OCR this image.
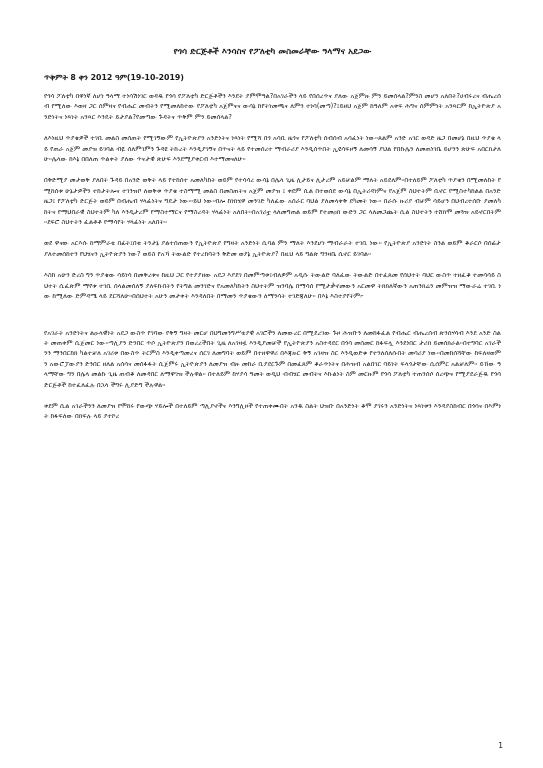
የጎሳ ድርጅቶች እንሳስና የፖለቲካ መስመራቸው ዓላማና አደጋው
ጥቅምት 8 ቀን 2012 ዓም(19-10-2019)

የጎሳ ፖለቲካ በዋነኛ ለሆነ ዓላማ ተነሳሽነገር ወዳዱ የጎሳ የፖለቲካ ድርጅቶችን እንደት ያምሞዓል?በአገራችን ላይ የበሰረጥና ያለው አጀምዙ ምን ይመሰላል?ምንስ መሆን አለበት?ሀብሩረና ብሔረሰብ የሚለው እወዛ ጋር ሰምዛና የብሔር መብትን የሚመለከተው የፖለቲካ አጀምናና ውሳኔ ከየትነመጫና ለምን ተነሳ(መጣ)?፤ይዘህ አጀም ከዓለም አቀፍ ሕግና ሰምምነት አንጻርም ከኢትዮጵያ አንድነትና ነጻነት አንጻር እንዴት ይታያል?የመጣው ጉዳትና ጥቅም ምን ይመሰላል?

ለእነዚህ ጥያቄዎች ተገቢ መልስ መሰጠት የሚገኝውም የኢትዮጵያን አንድነትና ነጻነት የሚሻ በጎ አሳቢ ዜጎና የፖለቲካ ሰብሰብ አሳፈነት ነው።ጸልም አንድ አገር ወዳድ ዜጋ በመሆኔ በዚህ ጥያቄ ላይ የጠራ አጀም መያዝ ይገባል ብዬ ሰለምገምን ጉዳዩ ትኩረት እንዲያገኝና በጥናት ላይ የተመሰረተ ማብራሪያ እንዲሰጥበት ኢዩሳፍዞኝ ለመሳኝ ያህል የበኩሌን ለመጠነገቤ ይሆንን ጽሁፍ አበርክታለሁ።ሌላው ከእኔ በበለጠ ጥልቀት ያለው ጥናታዊ ጽሁፍ እንደሚያቀርብ እተማመናለሁ።

በቅድሚያ መታወቅ ያለበት ጉዳይ በአንድ ወቅት ላይ የተከሰተ አመለካከት ወይም የተሳሳረ ውሳኔ በሌላ ጊዜ ሊታይና ሊታረም አይቻልም ማለት አይደለም።በተለይም ፖለቲካ ጥያቄን በሚመለከት የሚከሰቱ ሁኔታዎችን ተከታትሎና ተገንዝቦ ለወቅቱ ጥያቄ ተስማሚ መልስ በመስጠትና አጀም መያዝ ፤ ቀደም ሲል በተወሰደ ውሳኔ በኢትሪዳነምና የአጀም ስህተትም ቢኖር የሚስተካከልል በአንድ ዜጋ፤ የፖለቲካ ድርጅት ወይም በብሔብ ሃላፊነትና ግዴታ ነው።፡ይህ ነው፡ብሎ ከነክሄዋ መንገድ ካለፈው አሰራር ባህል ያለመላቀቅ ደካመት ነው። በራሱ ዙሪያ ብቻም ሳይሆን በህብረተሰቡ ያመለካከትና የማህበራዊ ስህተትም ካለ እንዲታረም የማስተማርና የማስረዳት ሃላፊነት አለበት።በአገሪቷ ላለመግጠል ወይም የተመዐክ ውድን ጋር ላለመጋጨት ሲል ስህተትን ተሸክሞ መጓዝ አይኖርበትም።ደፍሮ ስህተትን ፈልቶቶ የማሳየት ሃላፊነት አለበት።

ወደ ዋናው አርእሱ ከማምራቴ በፊት፤በቂ ትንታኔ ያልተሰጠውን የኢትዮጵያ የግዛት አንድነት ሲባል ምን ማለት እንደሆነ ማብራራት ተገቢ ነው። የኢትዮጵያ አንድነት ስንል ወይም ቆራርሶ በሰፊታ ያለተመሰከተን የህሄናን ኢትዮጵያን ነው? ወይስ የአኻ ትውልድ የተረከባትን ቅድመ ወያኔ ኢትዮጵያ? በዚህ ላይ ግልጽ ግንዛቤ ሲኖር ይገባል።

እስከ አሁን ድረስ ግን ጥያቄው ሳይነሳ በመቅረቱና ከዚህ ጋር የተያያዘው አደጋ እያደገ በመምጣቱ፤ብለዎም አዲሱ ትውልድ ባለፈው ትውልድ በተፈጸመ የሰህተት ባህር ውስጥ ተዘፈቆ ተመሳሳይ ስህተት ሲፈጽም ማየቱ ተገቢ ሰላልመሰለኝ ያለፍኩበትን የትግል መንገድና የአመለካከትን ስህተትም ዝንባሌ በማሳሰ የሚታቃኖመውን አርመዋ ትክክለኛውን አጠንክሬን መምዝዝ ማውራሬ ተገቢ ነው ከሚለው ድምዳሜ ላይ ደርሻለሁ።በሰህተት አሁን መታቀት እንዳለበት በማመን ጥያቄውን ለማንሳት ተገድጃለሁ። በእኔ እስተያየትም፦

የአገራት አንድነትና ልዑላዊነት አደጋ ውስጥ የገባው የቅኝ ግዛት መርሆ በህግመንግሥቴያዊ አገሮችን ለመውረር በሚደረገው ጉዞ ሕዝቡን ለመከፋፈል የብሔር ብሔረሰብ ጽንሰሃሳብ እንደ አንድ ስልት መጠቀም ሲጀመር ነው።ጣሊያን ድንበር ጥሶ ኢትዮጵያን በወረረችበት ጊዜ ለአገዛዟ እንዲያመቻች የኢትዮጵያን አስተዳደር በጎሳ መሰመር ከፋፍሏ እንደነበር ታሪክ ይመሰክራል።በተግባር አገራችንን ማንበርከክ ካልተቻለ አገሪቱ በውስጥ ትርምስ እንዲቀጣመረና ሰርገ ለመግባት ወይም በተዘዋዋሪ በእጃዙር ቅኝ አገዛዝ ስር እንዲወድቁ የተንለሰለሱበት መሳሪያ ነው።በመከሰሻቸው ከፍለዛወምን አውሮፓውያን ድንበር ዘለል አሰሳና መሰፋፋት ሲጀምሩ ኢትዮጵያን ለመያዝ ብዙ መከራ ቢያደርጉም በመፈጸም ቆራጥነትና በሕዝብ አልበገር ባይነት ፍላጎታቸው ሲሰምር አልቻለም፡፡ ይኸው ዓላማቸው ግን በሌላ መልኩ ጊዜ ጠብቆ ለመዳበር ለማዋገዝ ችሉዋል። በተለይም ከሃያሳ ዓመት ወዲህ ፡በብሄር መብትና እኩልነት ስም መርዙም የጎሳ ፖለቲካ ተጠንሰሶ ሰረጭና የሚያደራጅዱ የጎሳ ድርጅቶች ከተፈለፈሉ በኋላ ችግሩ ሊያድግ ችሉዋል።

ቀደም ሲል አገራችንን ለመያዝ የሞከሩ የውጭ ሃይሎች በተለይም ጣሊያኖችና እንግሊዞች የተጠቀሙበት አንዱ ስልት ህዝቡ በአንድነት ቆሞ ያገሩን አንድነትና ነጻነቱን እንዳያስከብር በጎሳና በእምነት ከፋፍለው በክፍሉ ላይ ያተኮረ

1
